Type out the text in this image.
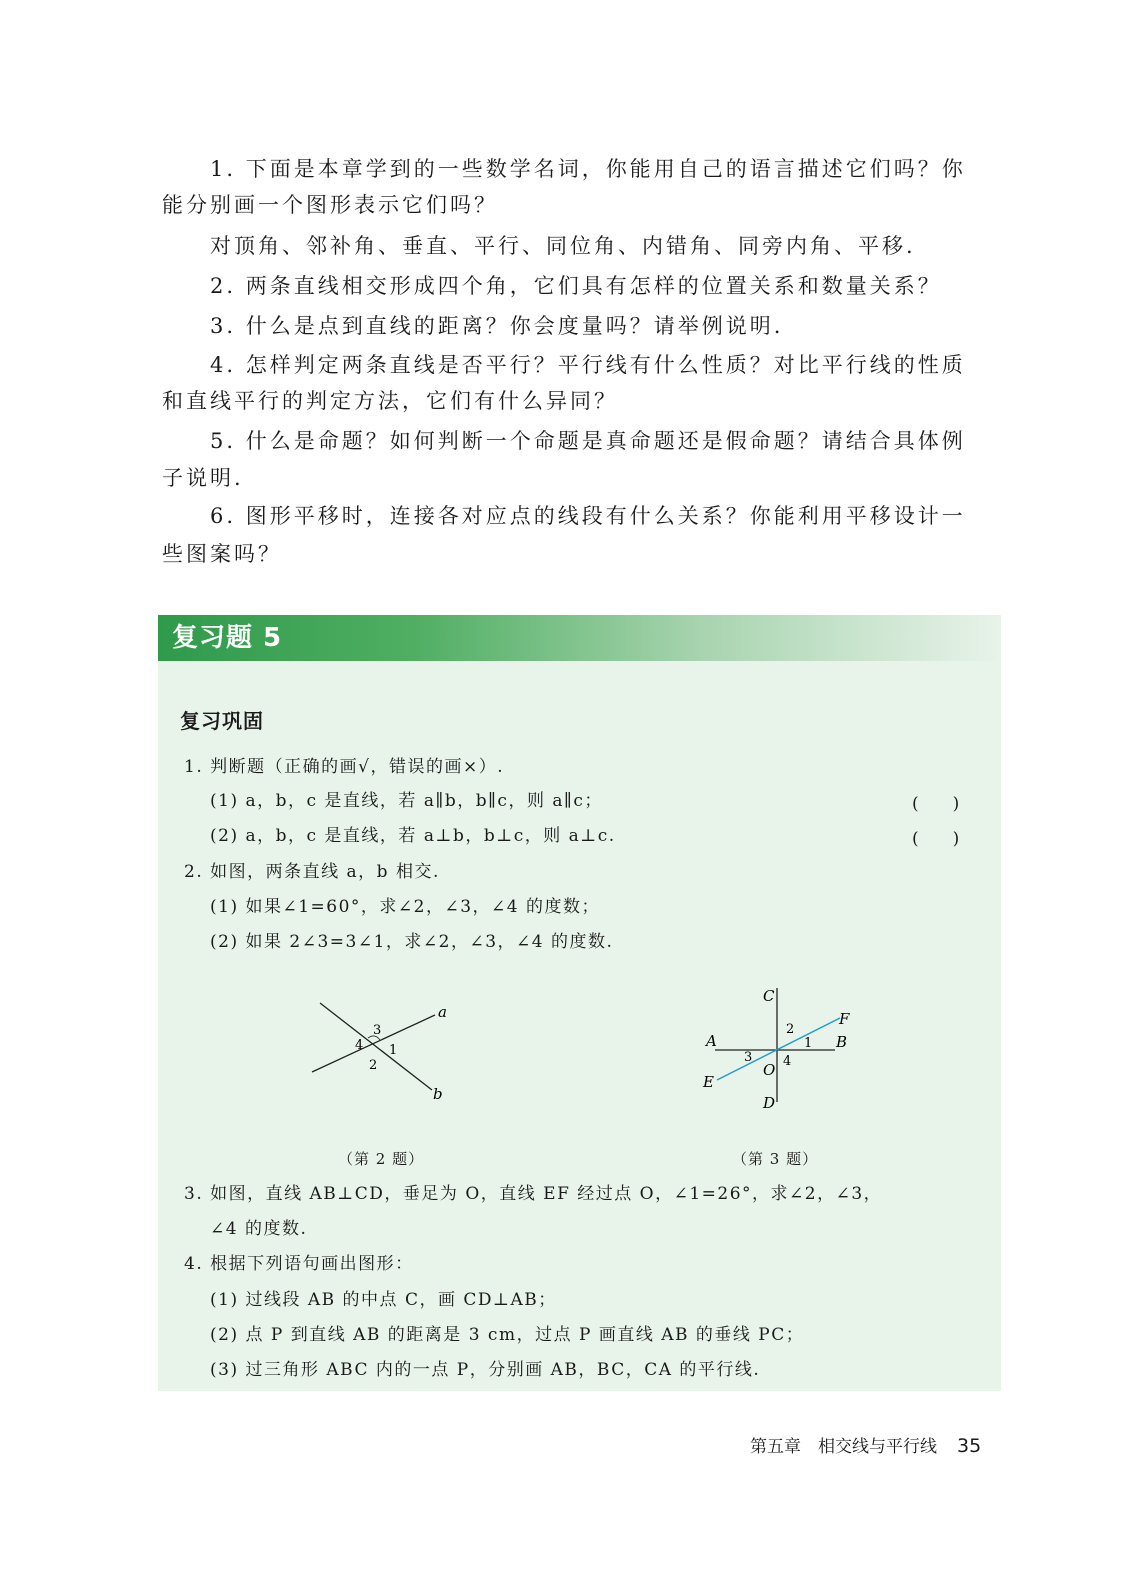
1. 下面是本章学到的一些数学名词，你能用自己的语言描述它们吗？你
能分别画一个图形表示它们吗？
对顶角、邻补角、垂直、平行、同位角、内错角、同旁内角、平移.
2. 两条直线相交形成四个角，它们具有怎样的位置关系和数量关系？
3. 什么是点到直线的距离？你会度量吗？请举例说明.
4. 怎样判定两条直线是否平行？平行线有什么性质？对比平行线的性质
和直线平行的判定方法，它们有什么异同？
5. 什么是命题？如何判断一个命题是真命题还是假命题？请结合具体例
子说明.
6. 图形平移时，连接各对应点的线段有什么关系？你能利用平移设计一
些图案吗？
复习题 5
复习巩固
1. 判断题（正确的画√，错误的画×）.
(1) a，b，c 是直线，若 a∥b，b∥c，则 a∥c；	(　　)
(2) a，b，c 是直线，若 a⊥b，b⊥c，则 a⊥c.	(　　)
2. 如图，两条直线 a，b 相交.
(1) 如果∠1=60°，求∠2，∠3，∠4 的度数；
(2) 如果 2∠3=3∠1，求∠2，∠3，∠4 的度数.
a
b
3
4 1
2
（第 2 题）
C
D
A	B
E
F
O
2
1
3 4
（第 3 题）
3. 如图，直线 AB⊥CD，垂足为 O，直线 EF 经过点 O，∠1=26°，求∠2，∠3，
∠4 的度数.
4. 根据下列语句画出图形：
(1) 过线段 AB 的中点 C，画 CD⊥AB；
(2) 点 P 到直线 AB 的距离是 3 cm，过点 P 画直线 AB 的垂线 PC；
(3) 过三角形 ABC 内的一点 P，分别画 AB，BC，CA 的平行线.
第五章　相交线与平行线 35
